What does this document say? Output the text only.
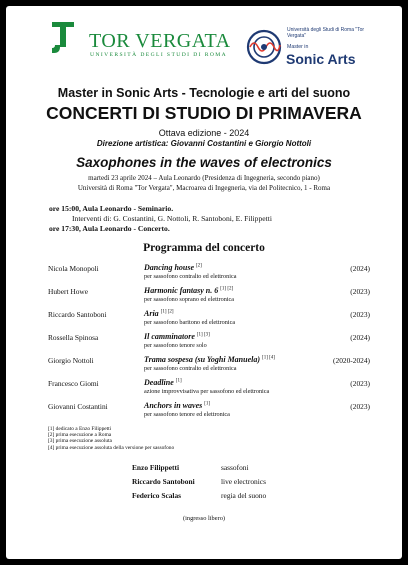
TOR VERGATA
UNIVERSITÀ DEGLI STUDI DI ROMA
Università degli Studi di Roma "Tor Vergata"
Master in
Sonic Arts
Master in Sonic Arts - Tecnologie e arti del suono
CONCERTI DI STUDIO DI PRIMAVERA
Ottava edizione - 2024
Direzione artistica: Giovanni Costantini e Giorgio Nottoli
Saxophones in the waves of electronics
martedì 23 aprile 2024 – Aula Leonardo (Presidenza di Ingegneria, secondo piano)
Università di Roma "Tor Vergata", Macroarea di Ingegneria, via del Politecnico, 1 - Roma
ore 15:00, Aula Leonardo - Seminario.
Interventi di: G. Costantini, G. Nottoli, R. Santoboni, E. Filippetti
ore 17:30, Aula Leonardo - Concerto.
Programma del concerto
Nicola Monopoli	Dancing house [2]
per sassofono contralto ed elettronica
(2024)
Hubert Howe	Harmonic fantasy n. 6 [1] [2]
per sassofono soprano ed elettronica
(2023)
Riccardo Santoboni	Aria [1] [2]
per sassofono baritono ed elettronica
(2023)
Rossella Spinosa	Il camminatore [1] [3]
per sassofono tenore solo
(2024)
Giorgio Nottoli	Trama sospesa (su Yoghi Manuela) [1] [4]
per sassofono contralto ed elettronica
(2020-2024)
Francesco Giomi	Deadline [1]
azione improvvisativa per sassofono ed elettronica
(2023)
Giovanni Costantini	Anchors in waves [1]
per sassofono tenore ed elettronica
(2023)
[1] dedicato a Enzo Filippetti
[2] prima esecuzione a Roma
[3] prima esecuzione assoluta
[4] prima esecuzione assoluta della versione per sassofono
Enzo Filippetti	sassofoni
Riccardo Santoboni	live electronics
Federico Scalas	regia del suono
(ingresso libero)
